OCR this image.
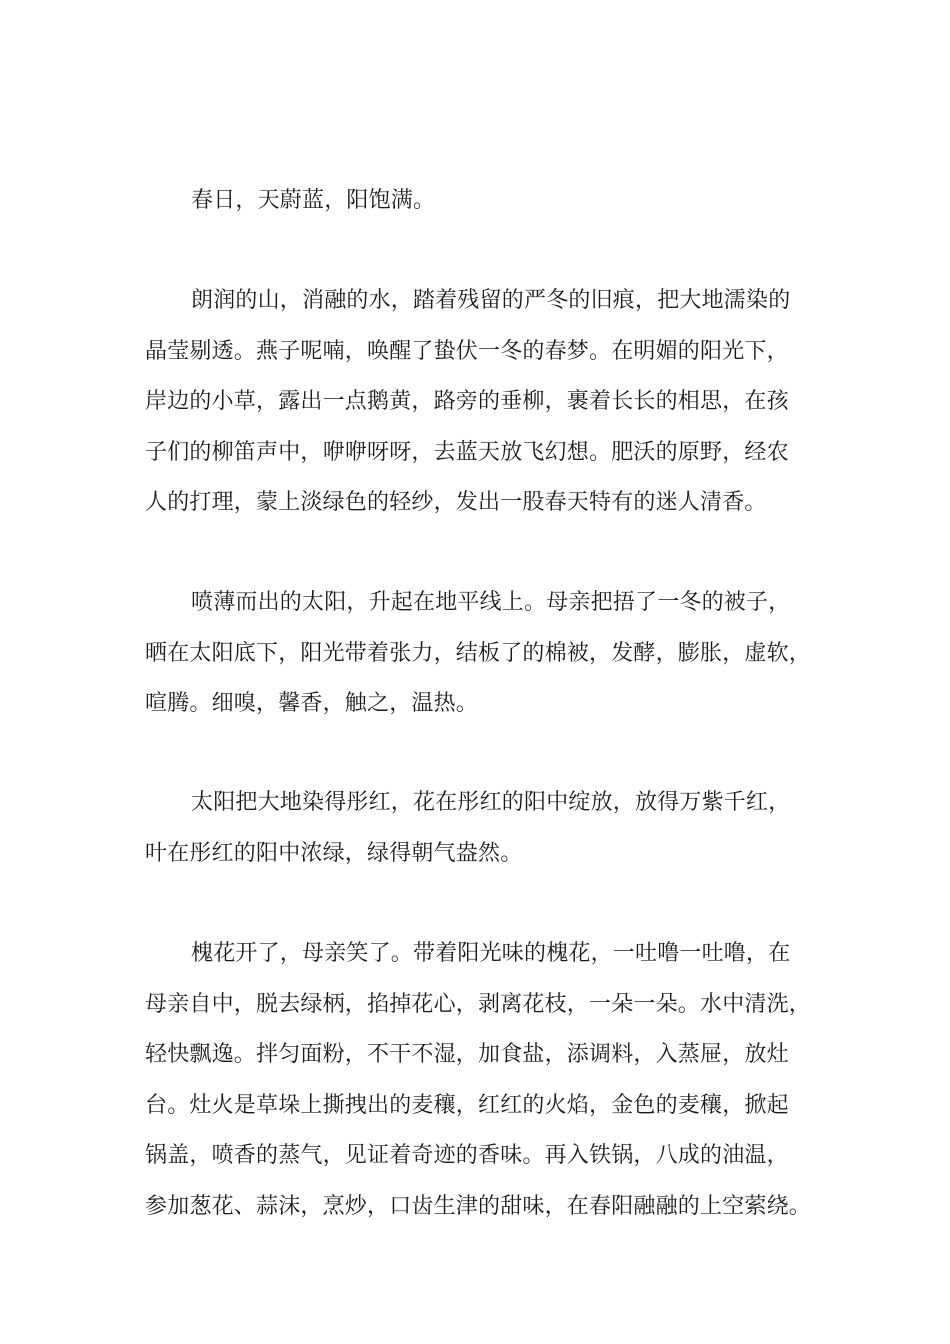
春日，天蔚蓝，阳饱满。
朗润的山，消融的水，踏着残留的严冬的旧痕，把大地濡染的
晶莹剔透。燕子呢喃，唤醒了蛰伏一冬的春梦。在明媚的阳光下，
岸边的小草，露出一点鹅黄，路旁的垂柳，裹着长长的相思，在孩
子们的柳笛声中，咿咿呀呀，去蓝天放飞幻想。肥沃的原野，经农
人的打理，蒙上淡绿色的轻纱，发出一股春天特有的迷人清香。
喷薄而出的太阳，升起在地平线上。母亲把捂了一冬的被子，
晒在太阳底下，阳光带着张力，结板了的棉被，发酵，膨胀，虚软，
喧腾。细嗅，馨香，触之，温热。
太阳把大地染得彤红，花在彤红的阳中绽放，放得万紫千红，
叶在彤红的阳中浓绿，绿得朝气盎然。
槐花开了，母亲笑了。带着阳光味的槐花，一吐噜一吐噜，在
母亲自中，脱去绿柄，掐掉花心，剥离花枝，一朵一朵。水中清洗，
轻快飘逸。拌匀面粉，不干不湿，加食盐，添调料，入蒸屉，放灶
台。灶火是草垛上撕拽出的麦穰，红红的火焰，金色的麦穰，掀起
锅盖，喷香的蒸气，见证着奇迹的香味。再入铁锅，八成的油温，
参加葱花、蒜沫，烹炒，口齿生津的甜味，在春阳融融的上空萦绕。
